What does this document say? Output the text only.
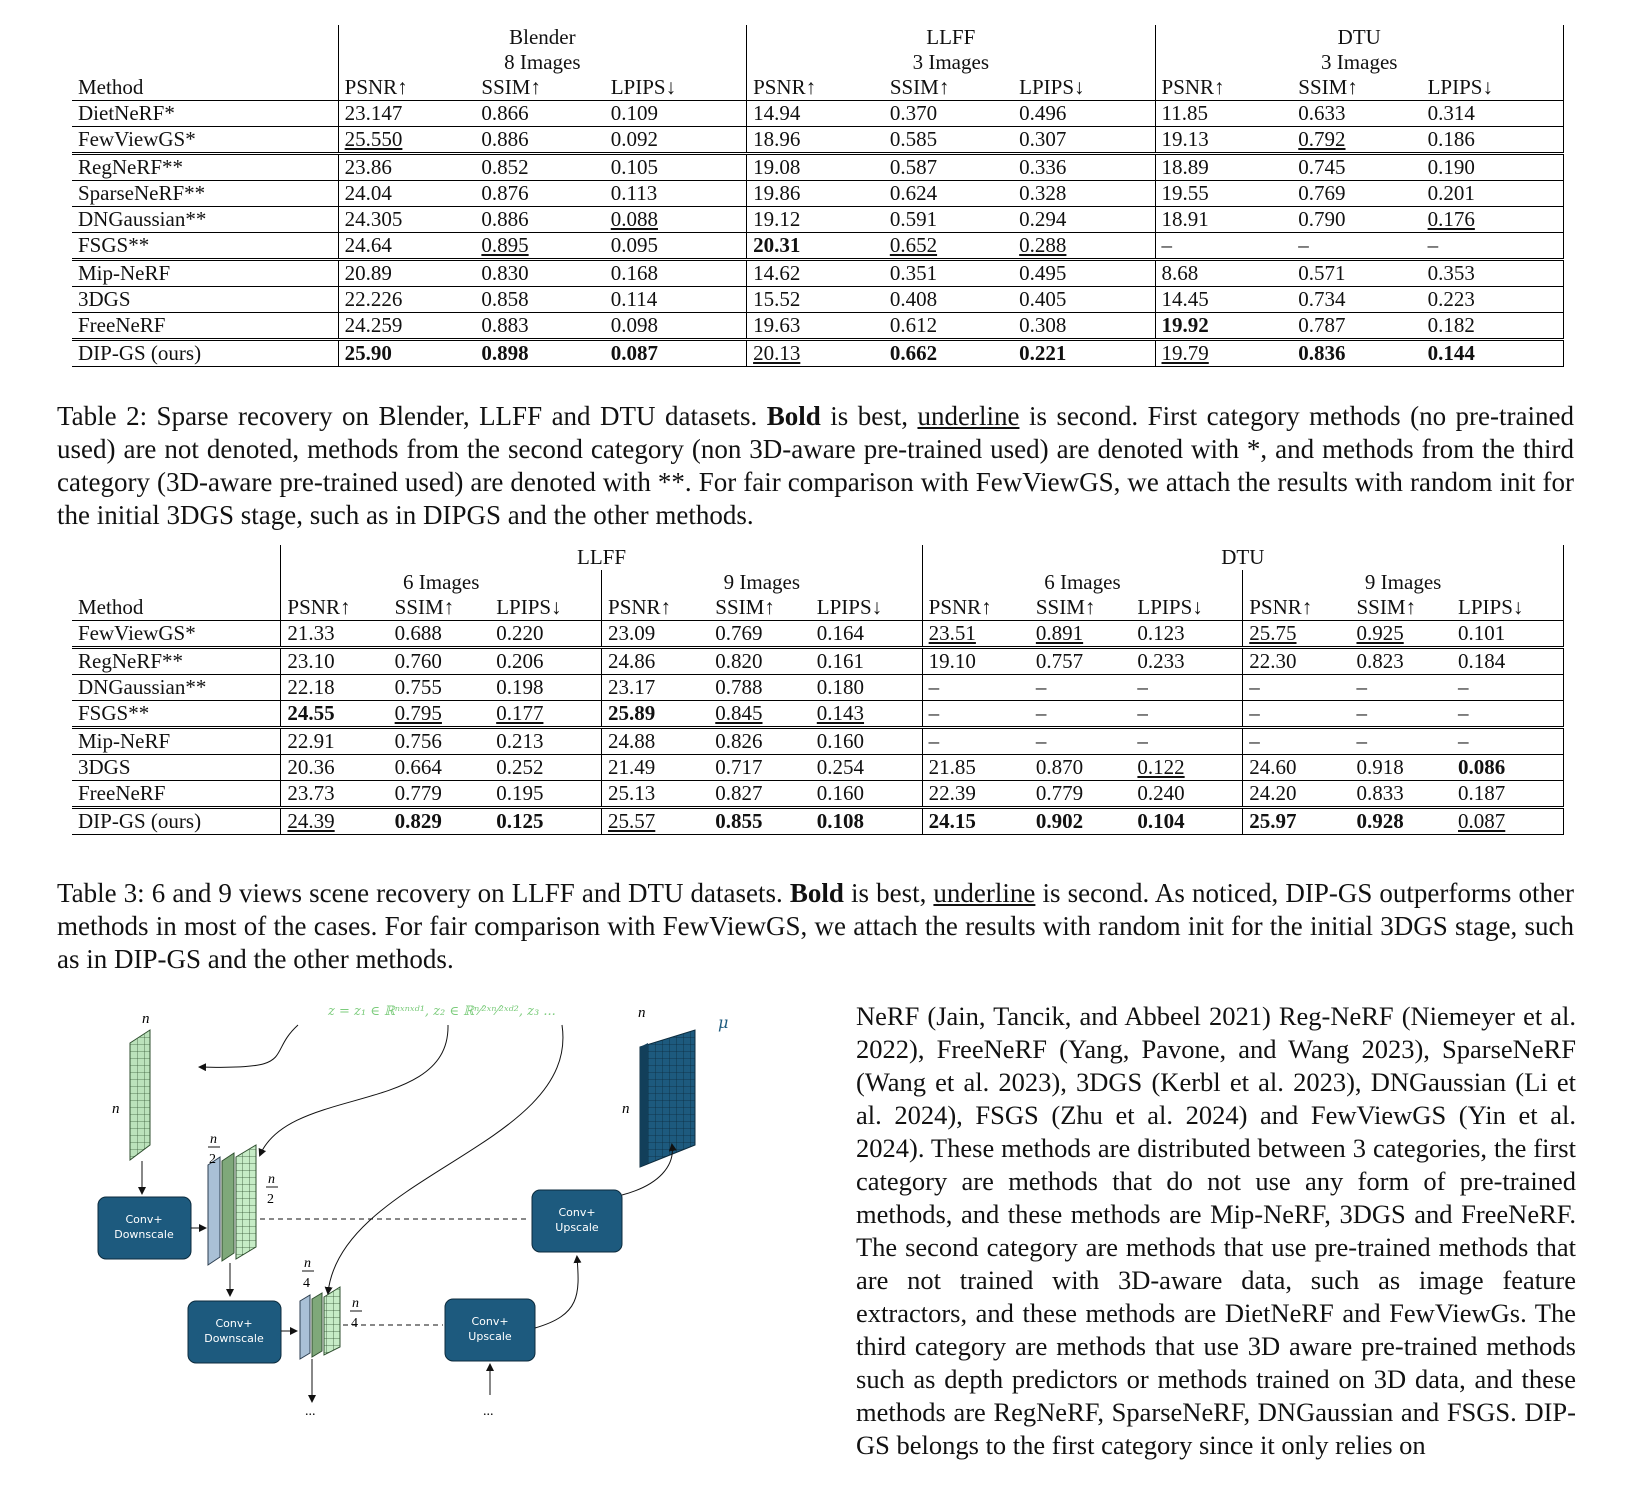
	Blender			LLFF			DTU		
	8 Images			3 Images			3 Images		
Method	PSNR↑	SSIM↑	LPIPS↓	PSNR↑	SSIM↑	LPIPS↓	PSNR↑	SSIM↑	LPIPS↓
DietNeRF*	23.147	0.866	0.109	14.94	0.370	0.496	11.85	0.633	0.314
FewViewGS*	25.550	0.886	0.092	18.96	0.585	0.307	19.13	0.792	0.186
RegNeRF**	23.86	0.852	0.105	19.08	0.587	0.336	18.89	0.745	0.190
SparseNeRF**	24.04	0.876	0.113	19.86	0.624	0.328	19.55	0.769	0.201
DNGaussian**	24.305	0.886	0.088	19.12	0.591	0.294	18.91	0.790	0.176
FSGS**	24.64	0.895	0.095	20.31	0.652	0.288	–	–	–
Mip-NeRF	20.89	0.830	0.168	14.62	0.351	0.495	8.68	0.571	0.353
3DGS	22.226	0.858	0.114	15.52	0.408	0.405	14.45	0.734	0.223
FreeNeRF	24.259	0.883	0.098	19.63	0.612	0.308	19.92	0.787	0.182
DIP-GS (ours)	25.90	0.898	0.087	20.13	0.662	0.221	19.79	0.836	0.144
Table 2: Sparse recovery on Blender, LLFF and DTU datasets. Bold is best, underline is second. First category methods (no pre-trained used) are not denoted, methods from the second category (non 3D-aware pre-trained used) are denoted with *, and methods from the third category (3D-aware pre-trained used) are denoted with **. For fair comparison with FewViewGS, we attach the results with random init for the initial 3DGS stage, such as in DIPGS and the other methods.
	LLFF						DTU					
	6 Images			9 Images			6 Images			9 Images		
Method	PSNR↑	SSIM↑	LPIPS↓	PSNR↑	SSIM↑	LPIPS↓	PSNR↑	SSIM↑	LPIPS↓	PSNR↑	SSIM↑	LPIPS↓
FewViewGS*	21.33	0.688	0.220	23.09	0.769	0.164	23.51	0.891	0.123	25.75	0.925	0.101
RegNeRF**	23.10	0.760	0.206	24.86	0.820	0.161	19.10	0.757	0.233	22.30	0.823	0.184
DNGaussian**	22.18	0.755	0.198	23.17	0.788	0.180	–	–	–	–	–	–
FSGS**	24.55	0.795	0.177	25.89	0.845	0.143	–	–	–	–	–	–
Mip-NeRF	22.91	0.756	0.213	24.88	0.826	0.160	–	–	–	–	–	–
3DGS	20.36	0.664	0.252	21.49	0.717	0.254	21.85	0.870	0.122	24.60	0.918	0.086
FreeNeRF	23.73	0.779	0.195	25.13	0.827	0.160	22.39	0.779	0.240	24.20	0.833	0.187
DIP-GS (ours)	24.39	0.829	0.125	25.57	0.855	0.108	24.15	0.902	0.104	25.97	0.928	0.087
Table 3: 6 and 9 views scene recovery on LLFF and DTU datasets. Bold is best, underline is second. As noticed, DIP-GS outperforms other methods in most of the cases. For fair comparison with FewViewGS, we attach the results with random init for the initial 3DGS stage, such as in DIP-GS and the other methods.
z = z₁ ∈ ℝⁿˣⁿˣᵈ¹, z₂ ∈ ℝⁿ⁄²ˣⁿ⁄²ˣᵈ², z₃ ...
μ
n
n
Conv+
Downscale
n
2
n
2
Conv+
Downscale
n
4
n
4
...
Conv+
Upscale
...
Conv+
Upscale
n
n
NeRF (Jain, Tancik, and Abbeel 2021) Reg-NeRF (Niemeyer et al. 2022), FreeNeRF (Yang, Pavone, and Wang 2023), SparseNeRF (Wang et al. 2023), 3DGS (Kerbl et al. 2023), DNGaussian (Li et al. 2024), FSGS (Zhu et al. 2024) and FewViewGS (Yin et al. 2024). These methods are distributed between 3 categories, the first category are methods that do not use any form of pre-trained methods, and these methods are Mip-NeRF, 3DGS and FreeNeRF. The second category are methods that use pre-trained methods that are not trained with 3D-aware data, such as image feature extractors, and these methods are DietNeRF and FewViewGs. The third category are methods that use 3D aware pre-trained methods such as depth predictors or methods trained on 3D data, and these methods are RegNeRF, SparseNeRF, DNGaussian and FSGS. DIP-GS belongs to the first category since it only relies on
